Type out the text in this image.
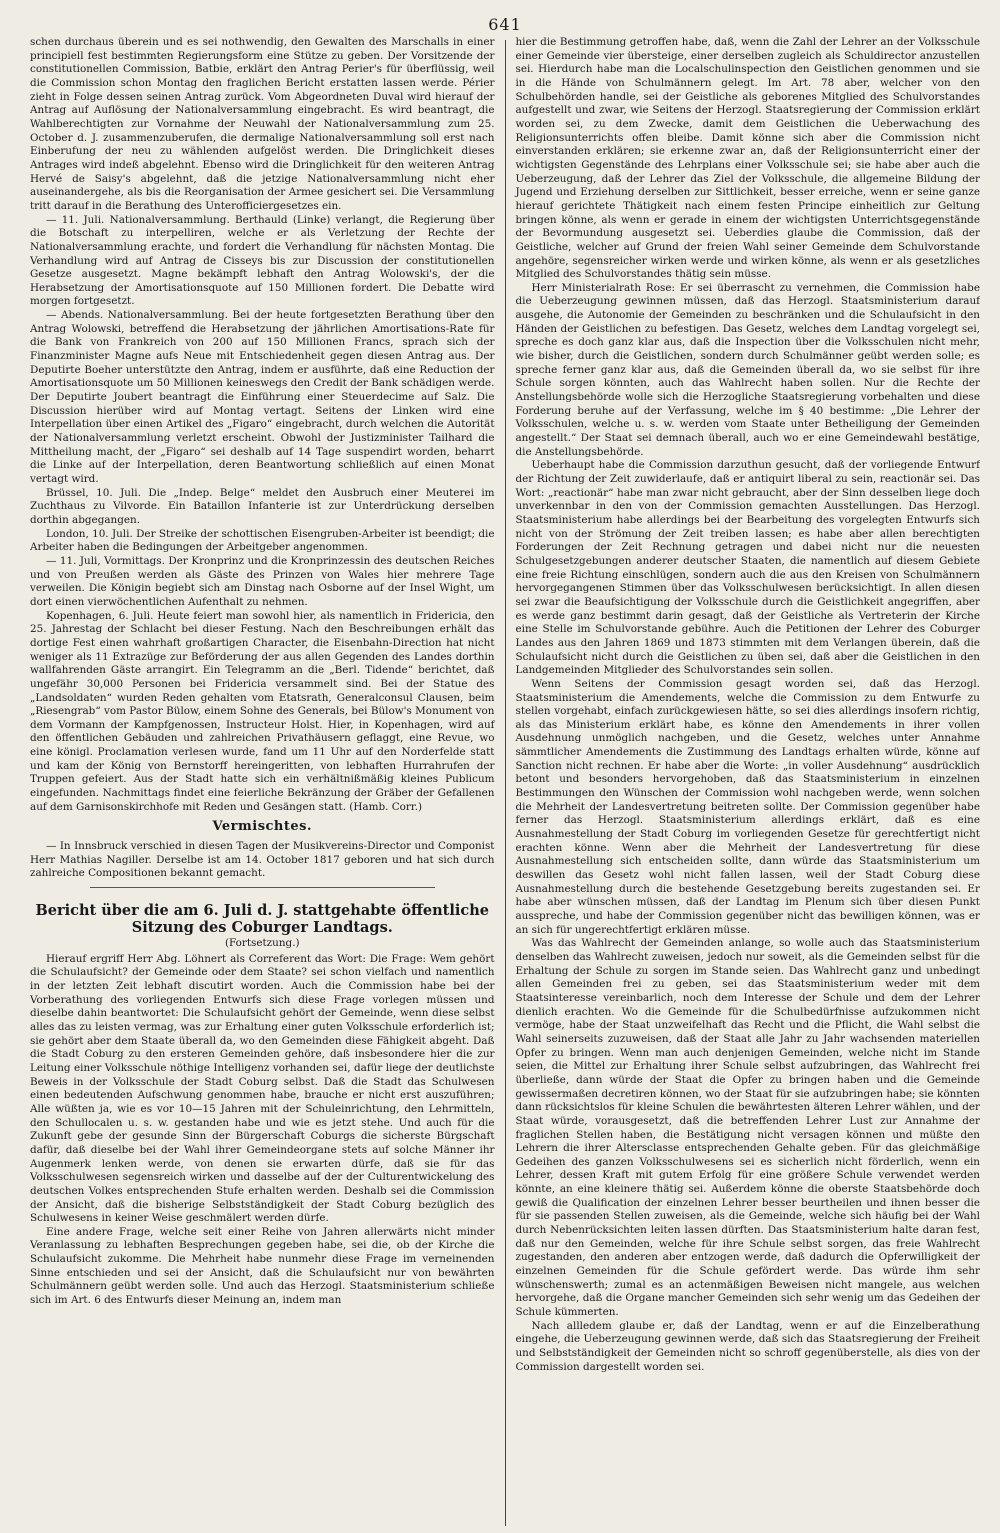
641

schen durchaus überein und es sei nothwendig, den Gewalten des Marschalls in einer principiell fest bestimmten Regierungsform eine Stütze zu geben. Der Vorsitzende der constitutionellen Commission, Batbie, erklärt den Antrag Perier's für überflüssig, weil die Commission schon Montag den fraglichen Bericht erstatten lassen werde. Périer zieht in Folge dessen seinen Antrag zurück. Vom Abgeordneten Duval wird hierauf der Antrag auf Auflösung der Nationalversammlung eingebracht. Es wird beantragt, die Wahlberechtigten zur Vornahme der Neuwahl der Nationalversammlung zum 25. October d. J. zusammenzuberufen, die dermalige Nationalversammlung soll erst nach Einberufung der neu zu wählenden aufgelöst werden. Die Dringlichkeit dieses Antrages wird indeß abgelehnt. Ebenso wird die Dringlichkeit für den weiteren Antrag Hervé de Saisy's abgelehnt, daß die jetzige Nationalversammlung nicht eher auseinandergehe, als bis die Reorganisation der Armee gesichert sei. Die Versammlung tritt darauf in die Berathung des Unterofficiergesetzes ein.

— 11. Juli. Nationalversammlung. Berthauld (Linke) verlangt, die Regierung über die Botschaft zu interpelliren, welche er als Verletzung der Rechte der Nationalversammlung erachte, und fordert die Verhandlung für nächsten Montag. Die Verhandlung wird auf Antrag de Cisseys bis zur Discussion der constitutionellen Gesetze ausgesetzt. Magne bekämpft lebhaft den Antrag Wolowski's, der die Herabsetzung der Amortisationsquote auf 150 Millionen fordert. Die Debatte wird morgen fortgesetzt.

— Abends. Nationalversammlung. Bei der heute fortgesetzten Berathung über den Antrag Wolowski, betreffend die Herabsetzung der jährlichen Amortisations-Rate für die Bank von Frankreich von 200 auf 150 Millionen Francs, sprach sich der Finanzminister Magne aufs Neue mit Entschiedenheit gegen diesen Antrag aus. Der Deputirte Boeher unterstützte den Antrag, indem er ausführte, daß eine Reduction der Amortisationsquote um 50 Millionen keineswegs den Credit der Bank schädigen werde. Der Deputirte Joubert beantragt die Einführung einer Steuerdecime auf Salz. Die Discussion hierüber wird auf Montag vertagt. Seitens der Linken wird eine Interpellation über einen Artikel des „Figaro“ eingebracht, durch welchen die Autorität der Nationalversammlung verletzt erscheint. Obwohl der Justizminister Tailhard die Mittheilung macht, der „Figaro“ sei deshalb auf 14 Tage suspendirt worden, beharrt die Linke auf der Interpellation, deren Beantwortung schließlich auf einen Monat vertagt wird.

Brüssel, 10. Juli. Die „Indep. Belge“ meldet den Ausbruch einer Meuterei im Zuchthaus zu Vilvorde. Ein Bataillon Infanterie ist zur Unterdrückung derselben dorthin abgegangen.

London, 10. Juli. Der Streike der schottischen Eisengruben-Arbeiter ist beendigt; die Arbeiter haben die Bedingungen der Arbeitgeber angenommen.

— 11. Juli, Vormittags. Der Kronprinz und die Kronprinzessin des deutschen Reiches und von Preußen werden als Gäste des Prinzen von Wales hier mehrere Tage verweilen. Die Königin begiebt sich am Dinstag nach Osborne auf der Insel Wight, um dort einen vierwöchentlichen Aufenthalt zu nehmen.

Kopenhagen, 6. Juli. Heute feiert man sowohl hier, als namentlich in Fridericia, den 25. Jahrestag der Schlacht bei dieser Festung. Nach den Beschreibungen erhält das dortige Fest einen wahrhaft großartigen Character, die Eisenbahn-Direction hat nicht weniger als 11 Extrazüge zur Beförderung der aus allen Gegenden des Landes dorthin wallfahrenden Gäste arrangirt. Ein Telegramm an die „Berl. Tidende“ berichtet, daß ungefähr 30,000 Personen bei Fridericia versammelt sind. Bei der Statue des „Landsoldaten“ wurden Reden gehalten vom Etatsrath, Generalconsul Clausen, beim „Riesengrab“ vom Pastor Bülow, einem Sohne des Generals, bei Bülow's Monument von dem Vormann der Kampfgenossen, Instructeur Holst. Hier, in Kopenhagen, wird auf den öffentlichen Gebäuden und zahlreichen Privathäusern geflaggt, eine Revue, wo eine königl. Proclamation verlesen wurde, fand um 11 Uhr auf den Norderfelde statt und kam der König von Bernstorff hereingeritten, von lebhaften Hurrahrufen der Truppen gefeiert. Aus der Stadt hatte sich ein verhältnißmäßig kleines Publicum eingefunden. Nachmittags findet eine feierliche Bekränzung der Gräber der Gefallenen auf dem Garnisonskirchhofe mit Reden und Gesängen statt. (Hamb. Corr.)

Vermischtes.

— In Innsbruck verschied in diesen Tagen der Musikvereins-Director und Componist Herr Mathias Nagiller. Derselbe ist am 14. October 1817 geboren und hat sich durch zahlreiche Compositionen bekannt gemacht.

Bericht über die am 6. Juli d. J. stattgehabte öffentliche Sitzung des Coburger Landtags.
(Fortsetzung.)

Hierauf ergriff Herr Abg. Löhnert als Correferent das Wort: Die Frage: Wem gehört die Schulaufsicht? der Gemeinde oder dem Staate? sei schon vielfach und namentlich in der letzten Zeit lebhaft discutirt worden. Auch die Commission habe bei der Vorberathung des vorliegenden Entwurfs sich diese Frage vorlegen müssen und dieselbe dahin beantwortet: Die Schulaufsicht gehört der Gemeinde, wenn diese selbst alles das zu leisten vermag, was zur Erhaltung einer guten Volksschule erforderlich ist; sie gehört aber dem Staate überall da, wo den Gemeinden diese Fähigkeit abgeht. Daß die Stadt Coburg zu den ersteren Gemeinden gehöre, daß insbesondere hier die zur Leitung einer Volksschule nöthige Intelligenz vorhanden sei, dafür liege der deutlichste Beweis in der Volksschule der Stadt Coburg selbst. Daß die Stadt das Schulwesen einen bedeutenden Aufschwung genommen habe, brauche er nicht erst auszuführen; Alle wüßten ja, wie es vor 10—15 Jahren mit der Schuleinrichtung, den Lehrmitteln, den Schullocalen u. s. w. gestanden habe und wie es jetzt stehe. Und auch für die Zukunft gebe der gesunde Sinn der Bürgerschaft Coburgs die sicherste Bürgschaft dafür, daß dieselbe bei der Wahl ihrer Gemeindeorgane stets auf solche Männer ihr Augenmerk lenken werde, von denen sie erwarten dürfe, daß sie für das Volksschulwesen segensreich wirken und dasselbe auf der der Culturentwickelung des deutschen Volkes entsprechenden Stufe erhalten werden. Deshalb sei die Commission der Ansicht, daß die bisherige Selbstständigkeit der Stadt Coburg bezüglich des Schulwesens in keiner Weise geschmälert werden dürfe.

Eine andere Frage, welche seit einer Reihe von Jahren allerwärts nicht minder Veranlassung zu lebhaften Besprechungen gegeben habe, sei die, ob der Kirche die Schulaufsicht zukomme. Die Mehrheit habe nunmehr diese Frage im verneinenden Sinne entschieden und sei der Ansicht, daß die Schulaufsicht nur von bewährten Schulmännern geübt werden solle. Und auch das Herzogl. Staatsministerium schließe sich im Art. 6 des Entwurfs dieser Meinung an, indem man

hier die Bestimmung getroffen habe, daß, wenn die Zahl der Lehrer an der Volksschule einer Gemeinde vier übersteige, einer derselben zugleich als Schuldirector anzustellen sei. Hierdurch habe man die Localschulinspection den Geistlichen genommen und sie in die Hände von Schulmännern gelegt. Im Art. 78 aber, welcher von den Schulbehörden handle, sei der Geistliche als geborenes Mitglied des Schulvorstandes aufgestellt und zwar, wie Seitens der Herzogl. Staatsregierung der Commission erklärt worden sei, zu dem Zwecke, damit dem Geistlichen die Ueberwachung des Religionsunterrichts offen bleibe. Damit könne sich aber die Commission nicht einverstanden erklären; sie erkenne zwar an, daß der Religionsunterricht einer der wichtigsten Gegenstände des Lehrplans einer Volksschule sei; sie habe aber auch die Ueberzeugung, daß der Lehrer das Ziel der Volksschule, die allgemeine Bildung der Jugend und Erziehung derselben zur Sittlichkeit, besser erreiche, wenn er seine ganze hierauf gerichtete Thätigkeit nach einem festen Principe einheitlich zur Geltung bringen könne, als wenn er gerade in einem der wichtigsten Unterrichtsgegenstände der Bevormundung ausgesetzt sei. Ueberdies glaube die Commission, daß der Geistliche, welcher auf Grund der freien Wahl seiner Gemeinde dem Schulvorstande angehöre, segensreicher wirken werde und wirken könne, als wenn er als gesetzliches Mitglied des Schulvorstandes thätig sein müsse.

Herr Ministerialrath Rose: Er sei überrascht zu vernehmen, die Commission habe die Ueberzeugung gewinnen müssen, daß das Herzogl. Staatsministerium darauf ausgehe, die Autonomie der Gemeinden zu beschränken und die Schulaufsicht in den Händen der Geistlichen zu befestigen. Das Gesetz, welches dem Landtag vorgelegt sei, spreche es doch ganz klar aus, daß die Inspection über die Volksschulen nicht mehr, wie bisher, durch die Geistlichen, sondern durch Schulmänner geübt werden solle; es spreche ferner ganz klar aus, daß die Gemeinden überall da, wo sie selbst für ihre Schule sorgen könnten, auch das Wahlrecht haben sollen. Nur die Rechte der Anstellungsbehörde wolle sich die Herzogliche Staatsregierung vorbehalten und diese Forderung beruhe auf der Verfassung, welche im § 40 bestimme: „Die Lehrer der Volksschulen, welche u. s. w. werden vom Staate unter Betheiligung der Gemeinden angestellt.“ Der Staat sei demnach überall, auch wo er eine Gemeindewahl bestätige, die Anstellungsbehörde.

Ueberhaupt habe die Commission darzuthun gesucht, daß der vorliegende Entwurf der Richtung der Zeit zuwiderlaufe, daß er antiquirt liberal zu sein, reactionär sei. Das Wort: „reactionär“ habe man zwar nicht gebraucht, aber der Sinn desselben liege doch unverkennbar in den von der Commission gemachten Ausstellungen. Das Herzogl. Staatsministerium habe allerdings bei der Bearbeitung des vorgelegten Entwurfs sich nicht von der Strömung der Zeit treiben lassen; es habe aber allen berechtigten Forderungen der Zeit Rechnung getragen und dabei nicht nur die neuesten Schulgesetzgebungen anderer deutscher Staaten, die namentlich auf diesem Gebiete eine freie Richtung einschlügen, sondern auch die aus den Kreisen von Schulmännern hervorgegangenen Stimmen über das Volksschulwesen berücksichtigt. In allen diesen sei zwar die Beaufsichtigung der Volksschule durch die Geistlichkeit angegriffen, aber es werde ganz bestimmt darin gesagt, daß der Geistliche als Vertreterin der Kirche eine Stelle im Schulvorstande gebühre. Auch die Petitionen der Lehrer des Coburger Landes aus den Jahren 1869 und 1873 stimmten mit dem Verlangen überein, daß die Schulaufsicht nicht durch die Geistlichen zu üben sei, daß aber die Geistlichen in den Landgemeinden Mitglieder des Schulvorstandes sein sollen.

Wenn Seitens der Commission gesagt worden sei, daß das Herzogl. Staatsministerium die Amendements, welche die Commission zu dem Entwurfe zu stellen vorgehabt, einfach zurückgewiesen hätte, so sei dies allerdings insofern richtig, als das Ministerium erklärt habe, es könne den Amendements in ihrer vollen Ausdehnung unmöglich nachgeben, und die Gesetz, welches unter Annahme sämmtlicher Amendements die Zustimmung des Landtags erhalten würde, könne auf Sanction nicht rechnen. Er habe aber die Worte: „in voller Ausdehnung“ ausdrücklich betont und besonders hervorgehoben, daß das Staatsministerium in einzelnen Bestimmungen den Wünschen der Commission wohl nachgeben werde, wenn solchen die Mehrheit der Landesvertretung beitreten sollte. Der Commission gegenüber habe ferner das Herzogl. Staatsministerium allerdings erklärt, daß es eine Ausnahmestellung der Stadt Coburg im vorliegenden Gesetze für gerechtfertigt nicht erachten könne. Wenn aber die Mehrheit der Landesvertretung für diese Ausnahmestellung sich entscheiden sollte, dann würde das Staatsministerium um deswillen das Gesetz wohl nicht fallen lassen, weil der Stadt Coburg diese Ausnahmestellung durch die bestehende Gesetzgebung bereits zugestanden sei. Er habe aber wünschen müssen, daß der Landtag im Plenum sich über diesen Punkt ausspreche, und habe der Commission gegenüber nicht das bewilligen können, was er an sich für ungerechtfertigt erklären müsse.

Was das Wahlrecht der Gemeinden anlange, so wolle auch das Staatsministerium denselben das Wahlrecht zuweisen, jedoch nur soweit, als die Gemeinden selbst für die Erhaltung der Schule zu sorgen im Stande seien. Das Wahlrecht ganz und unbedingt allen Gemeinden frei zu geben, sei das Staatsministerium weder mit dem Staatsinteresse vereinbarlich, noch dem Interesse der Schule und dem der Lehrer dienlich erachten. Wo die Gemeinde für die Schulbedürfnisse aufzukommen nicht vermöge, habe der Staat unzweifelhaft das Recht und die Pflicht, die Wahl selbst die Wahl seinerseits zuzuweisen, daß der Staat alle Jahr zu Jahr wachsenden materiellen Opfer zu bringen. Wenn man auch denjenigen Gemeinden, welche nicht im Stande seien, die Mittel zur Erhaltung ihrer Schule selbst aufzubringen, das Wahlrecht frei überließe, dann würde der Staat die Opfer zu bringen haben und die Gemeinde gewissermaßen decretiren können, wo der Staat für sie aufzubringen habe; sie könnten dann rücksichtslos für kleine Schulen die bewährtesten älteren Lehrer wählen, und der Staat würde, vorausgesetzt, daß die betreffenden Lehrer Lust zur Annahme der fraglichen Stellen haben, die Bestätigung nicht versagen können und müßte den Lehrern die ihrer Altersclasse entsprechenden Gehalte geben. Für das gleichmäßige Gedeihen des ganzen Volksschulwesens sei es sicherlich nicht förderlich, wenn ein Lehrer, dessen Kraft mit gutem Erfolg für eine größere Schule verwendet werden könnte, an eine kleinere thätig sei. Außerdem könne die oberste Staatsbehörde doch gewiß die Qualification der einzelnen Lehrer besser beurtheilen und ihnen besser die für sie passenden Stellen zuweisen, als die Gemeinde, welche sich häufig bei der Wahl durch Nebenrücksichten leiten lassen dürften. Das Staatsministerium halte daran fest, daß nur den Gemeinden, welche für ihre Schule selbst sorgen, das freie Wahlrecht zugestanden, den anderen aber entzogen werde, daß dadurch die Opferwilligkeit der einzelnen Gemeinden für die Schule gefördert werde. Das würde ihm sehr wünschenswerth; zumal es an actenmäßigen Beweisen nicht mangele, aus welchen hervorgehe, daß die Organe mancher Gemeinden sich sehr wenig um das Gedeihen der Schule kümmerten.

Nach allledem glaube er, daß der Landtag, wenn er auf die Einzelberathung eingehe, die Ueberzeugung gewinnen werde, daß sich das Staatsregierung der Freiheit und Selbstständigkeit der Gemeinden nicht so schroff gegenüberstelle, als dies von der Commission dargestellt worden sei.
